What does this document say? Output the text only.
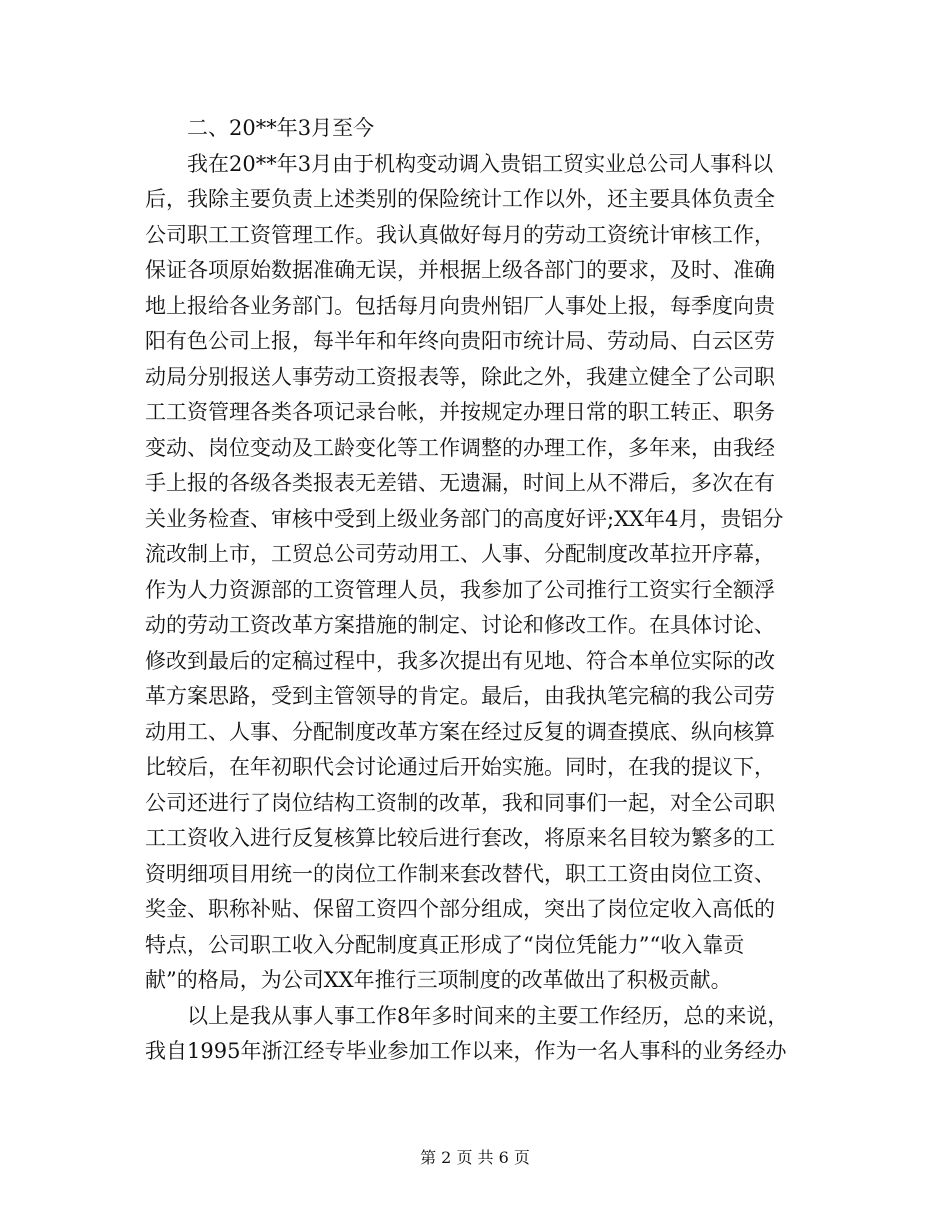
二、20**年3月至今
我在20**年3月由于机构变动调入贵铝工贸实业总公司人事科以
后，我除主要负责上述类别的保险统计工作以外，还主要具体负责全
公司职工工资管理工作。我认真做好每月的劳动工资统计审核工作，
保证各项原始数据准确无误，并根据上级各部门的要求，及时、准确
地上报给各业务部门。包括每月向贵州铝厂人事处上报，每季度向贵
阳有色公司上报，每半年和年终向贵阳市统计局、劳动局、白云区劳
动局分别报送人事劳动工资报表等，除此之外，我建立健全了公司职
工工资管理各类各项记录台帐，并按规定办理日常的职工转正、职务
变动、岗位变动及工龄变化等工作调整的办理工作，多年来，由我经
手上报的各级各类报表无差错、无遗漏，时间上从不滞后，多次在有
关业务检查、审核中受到上级业务部门的高度好评;XX年4月，贵铝分
流改制上市，工贸总公司劳动用工、人事、分配制度改革拉开序幕，
作为人力资源部的工资管理人员，我参加了公司推行工资实行全额浮
动的劳动工资改革方案措施的制定、讨论和修改工作。在具体讨论、
修改到最后的定稿过程中，我多次提出有见地、符合本单位实际的改
革方案思路，受到主管领导的肯定。最后，由我执笔完稿的我公司劳
动用工、人事、分配制度改革方案在经过反复的调查摸底、纵向核算
比较后，在年初职代会讨论通过后开始实施。同时，在我的提议下，
公司还进行了岗位结构工资制的改革，我和同事们一起，对全公司职
工工资收入进行反复核算比较后进行套改，将原来名目较为繁多的工
资明细项目用统一的岗位工作制来套改替代，职工工资由岗位工资、
奖金、职称补贴、保留工资四个部分组成，突出了岗位定收入高低的
特点，公司职工收入分配制度真正形成了“岗位凭能力”“收入靠贡
献”的格局，为公司XX年推行三项制度的改革做出了积极贡献。
以上是我从事人事工作8年多时间来的主要工作经历，总的来说，
我自1995年浙江经专毕业参加工作以来，作为一名人事科的业务经办
第 2 页 共 6 页
